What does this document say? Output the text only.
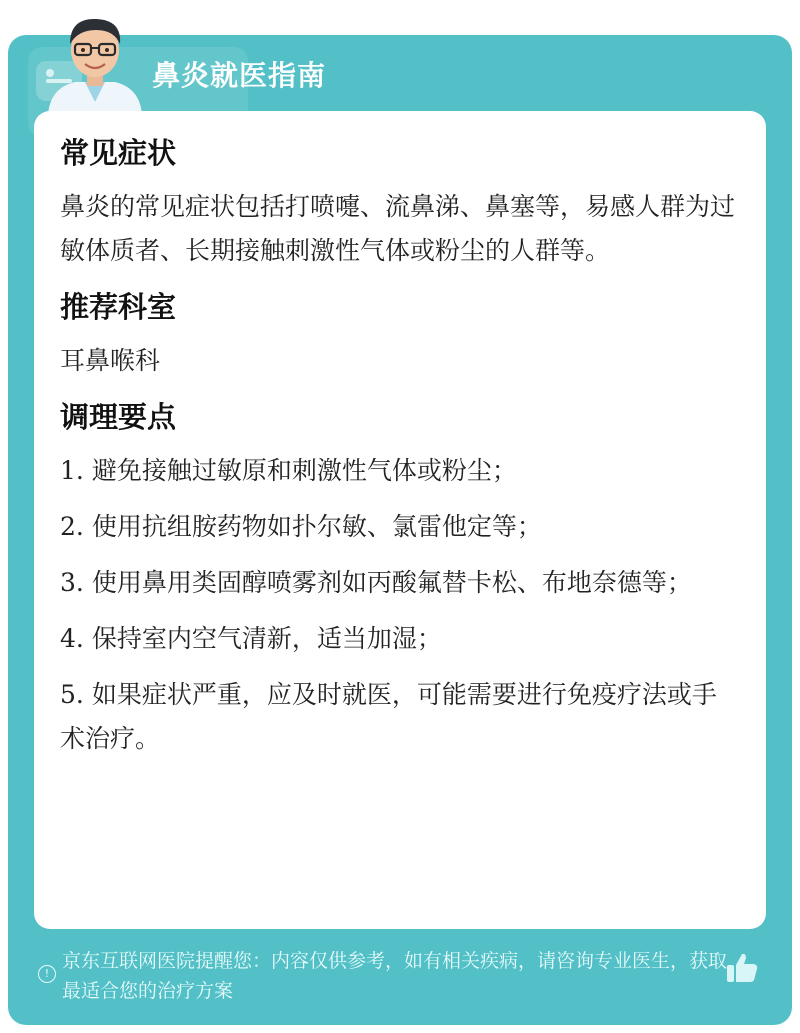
鼻炎就医指南
常见症状
鼻炎的常见症状包括打喷嚏、流鼻涕、鼻塞等，易感人群为过敏体质者、长期接触刺激性气体或粉尘的人群等。
推荐科室
耳鼻喉科
调理要点
1. 避免接触过敏原和刺激性气体或粉尘；
2. 使用抗组胺药物如扑尔敏、氯雷他定等；
3. 使用鼻用类固醇喷雾剂如丙酸氟替卡松、布地奈德等；
4. 保持室内空气清新，适当加湿；
5. 如果症状严重，应及时就医，可能需要进行免疫疗法或手术治疗。
!
京东互联网医院提醒您：内容仅供参考，如有相关疾病，请咨询专业医生，获取最适合您的治疗方案
